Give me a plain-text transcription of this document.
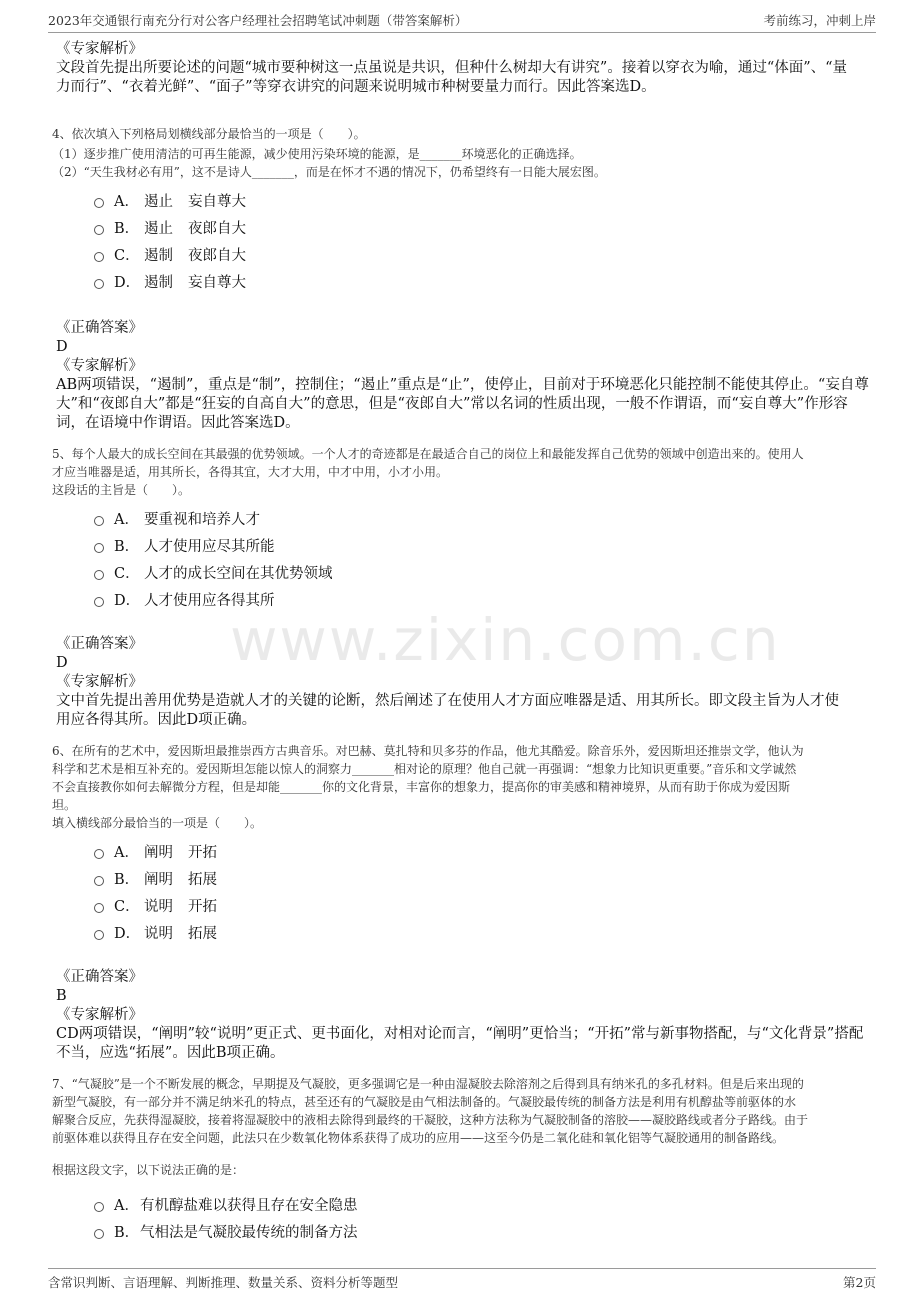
2023年交通银行南充分行对公客户经理社会招聘笔试冲刺题（带答案解析）	考前练习，冲刺上岸
www.zixin.com.cn
《专家解析》

文段首先提出所要论述的问题“城市要种树这一点虽说是共识，但种什么树却大有讲究”。接着以穿衣为喻，通过“体面”、“量

力而行”、“衣着光鲜”、“面子”等穿衣讲究的问题来说明城市种树要量力而行。因此答案选D。

4、依次填入下列格局划横线部分最恰当的一项是（　　）。

（1）逐步推广使用清洁的可再生能源，减少使用污染环境的能源，是_______环境恶化的正确选择。

（2）“天生我材必有用”，这不是诗人_______，而是在怀才不遇的情况下，仍希望终有一日能大展宏图。

A． 遏止	妄自尊大
B． 遏止	夜郎自大
C． 遏制	夜郎自大
D． 遏制	妄自尊大
《正确答案》
D
《专家解析》

AB两项错误，“遏制”，重点是“制”，控制住；“遏止”重点是“止”，使停止，目前对于环境恶化只能控制不能使其停止。“妄自尊

大”和“夜郎自大”都是“狂妄的自高自大”的意思，但是“夜郎自大”常以名词的性质出现，一般不作谓语，而“妄自尊大”作形容

词，在语境中作谓语。因此答案选D。

5、每个人最大的成长空间在其最强的优势领域。一个人才的奇迹都是在最适合自己的岗位上和最能发挥自己优势的领域中创造出来的。使用人

才应当唯器是适，用其所长，各得其宜，大才大用，中才中用，小才小用。

这段话的主旨是（　　）。

A． 要重视和培养人才
B． 人才使用应尽其所能
C． 人才的成长空间在其优势领域
D． 人才使用应各得其所
《正确答案》
D
《专家解析》

文中首先提出善用优势是造就人才的关键的论断，然后阐述了在使用人才方面应唯器是适、用其所长。即文段主旨为人才使

用应各得其所。因此D项正确。

6、在所有的艺术中，爱因斯坦最推崇西方古典音乐。对巴赫、莫扎特和贝多芬的作品，他尤其酷爱。除音乐外，爱因斯坦还推崇文学，他认为

科学和艺术是相互补充的。爱因斯坦怎能以惊人的洞察力_______相对论的原理？他自己就一再强调：“想象力比知识更重要。”音乐和文学诚然

不会直接教你如何去解微分方程，但是却能_______你的文化背景，丰富你的想象力，提高你的审美感和精神境界，从而有助于你成为爱因斯

坦。

填入横线部分最恰当的一项是（　　）。

A． 阐明	开拓
B． 阐明	拓展
C． 说明	开拓
D． 说明	拓展
《正确答案》
B
《专家解析》

CD两项错误，“阐明”较“说明”更正式、更书面化，对相对论而言，“阐明”更恰当；“开拓”常与新事物搭配，与“文化背景”搭配

不当，应选“拓展”。因此B项正确。

7、“气凝胶”是一个不断发展的概念，早期提及气凝胶，更多强调它是一种由湿凝胶去除溶剂之后得到具有纳米孔的多孔材料。但是后来出现的

新型气凝胶，有一部分并不满足纳米孔的特点，甚至还有的气凝胶是由气相法制备的。气凝胶最传统的制备方法是利用有机醇盐等前驱体的水

解聚合反应，先获得湿凝胶，接着将湿凝胶中的液相去除得到最终的干凝胶，这种方法称为气凝胶制备的溶胶——凝胶路线或者分子路线。由于

前驱体难以获得且存在安全问题，此法只在少数氧化物体系获得了成功的应用——这至今仍是二氧化硅和氧化铝等气凝胶通用的制备路线。

根据这段文字，以下说法正确的是：

A． 有机醇盐难以获得且存在安全隐患
B． 气相法是气凝胶最传统的制备方法
含常识判断、言语理解、判断推理、数量关系、资料分析等题型	第2页
